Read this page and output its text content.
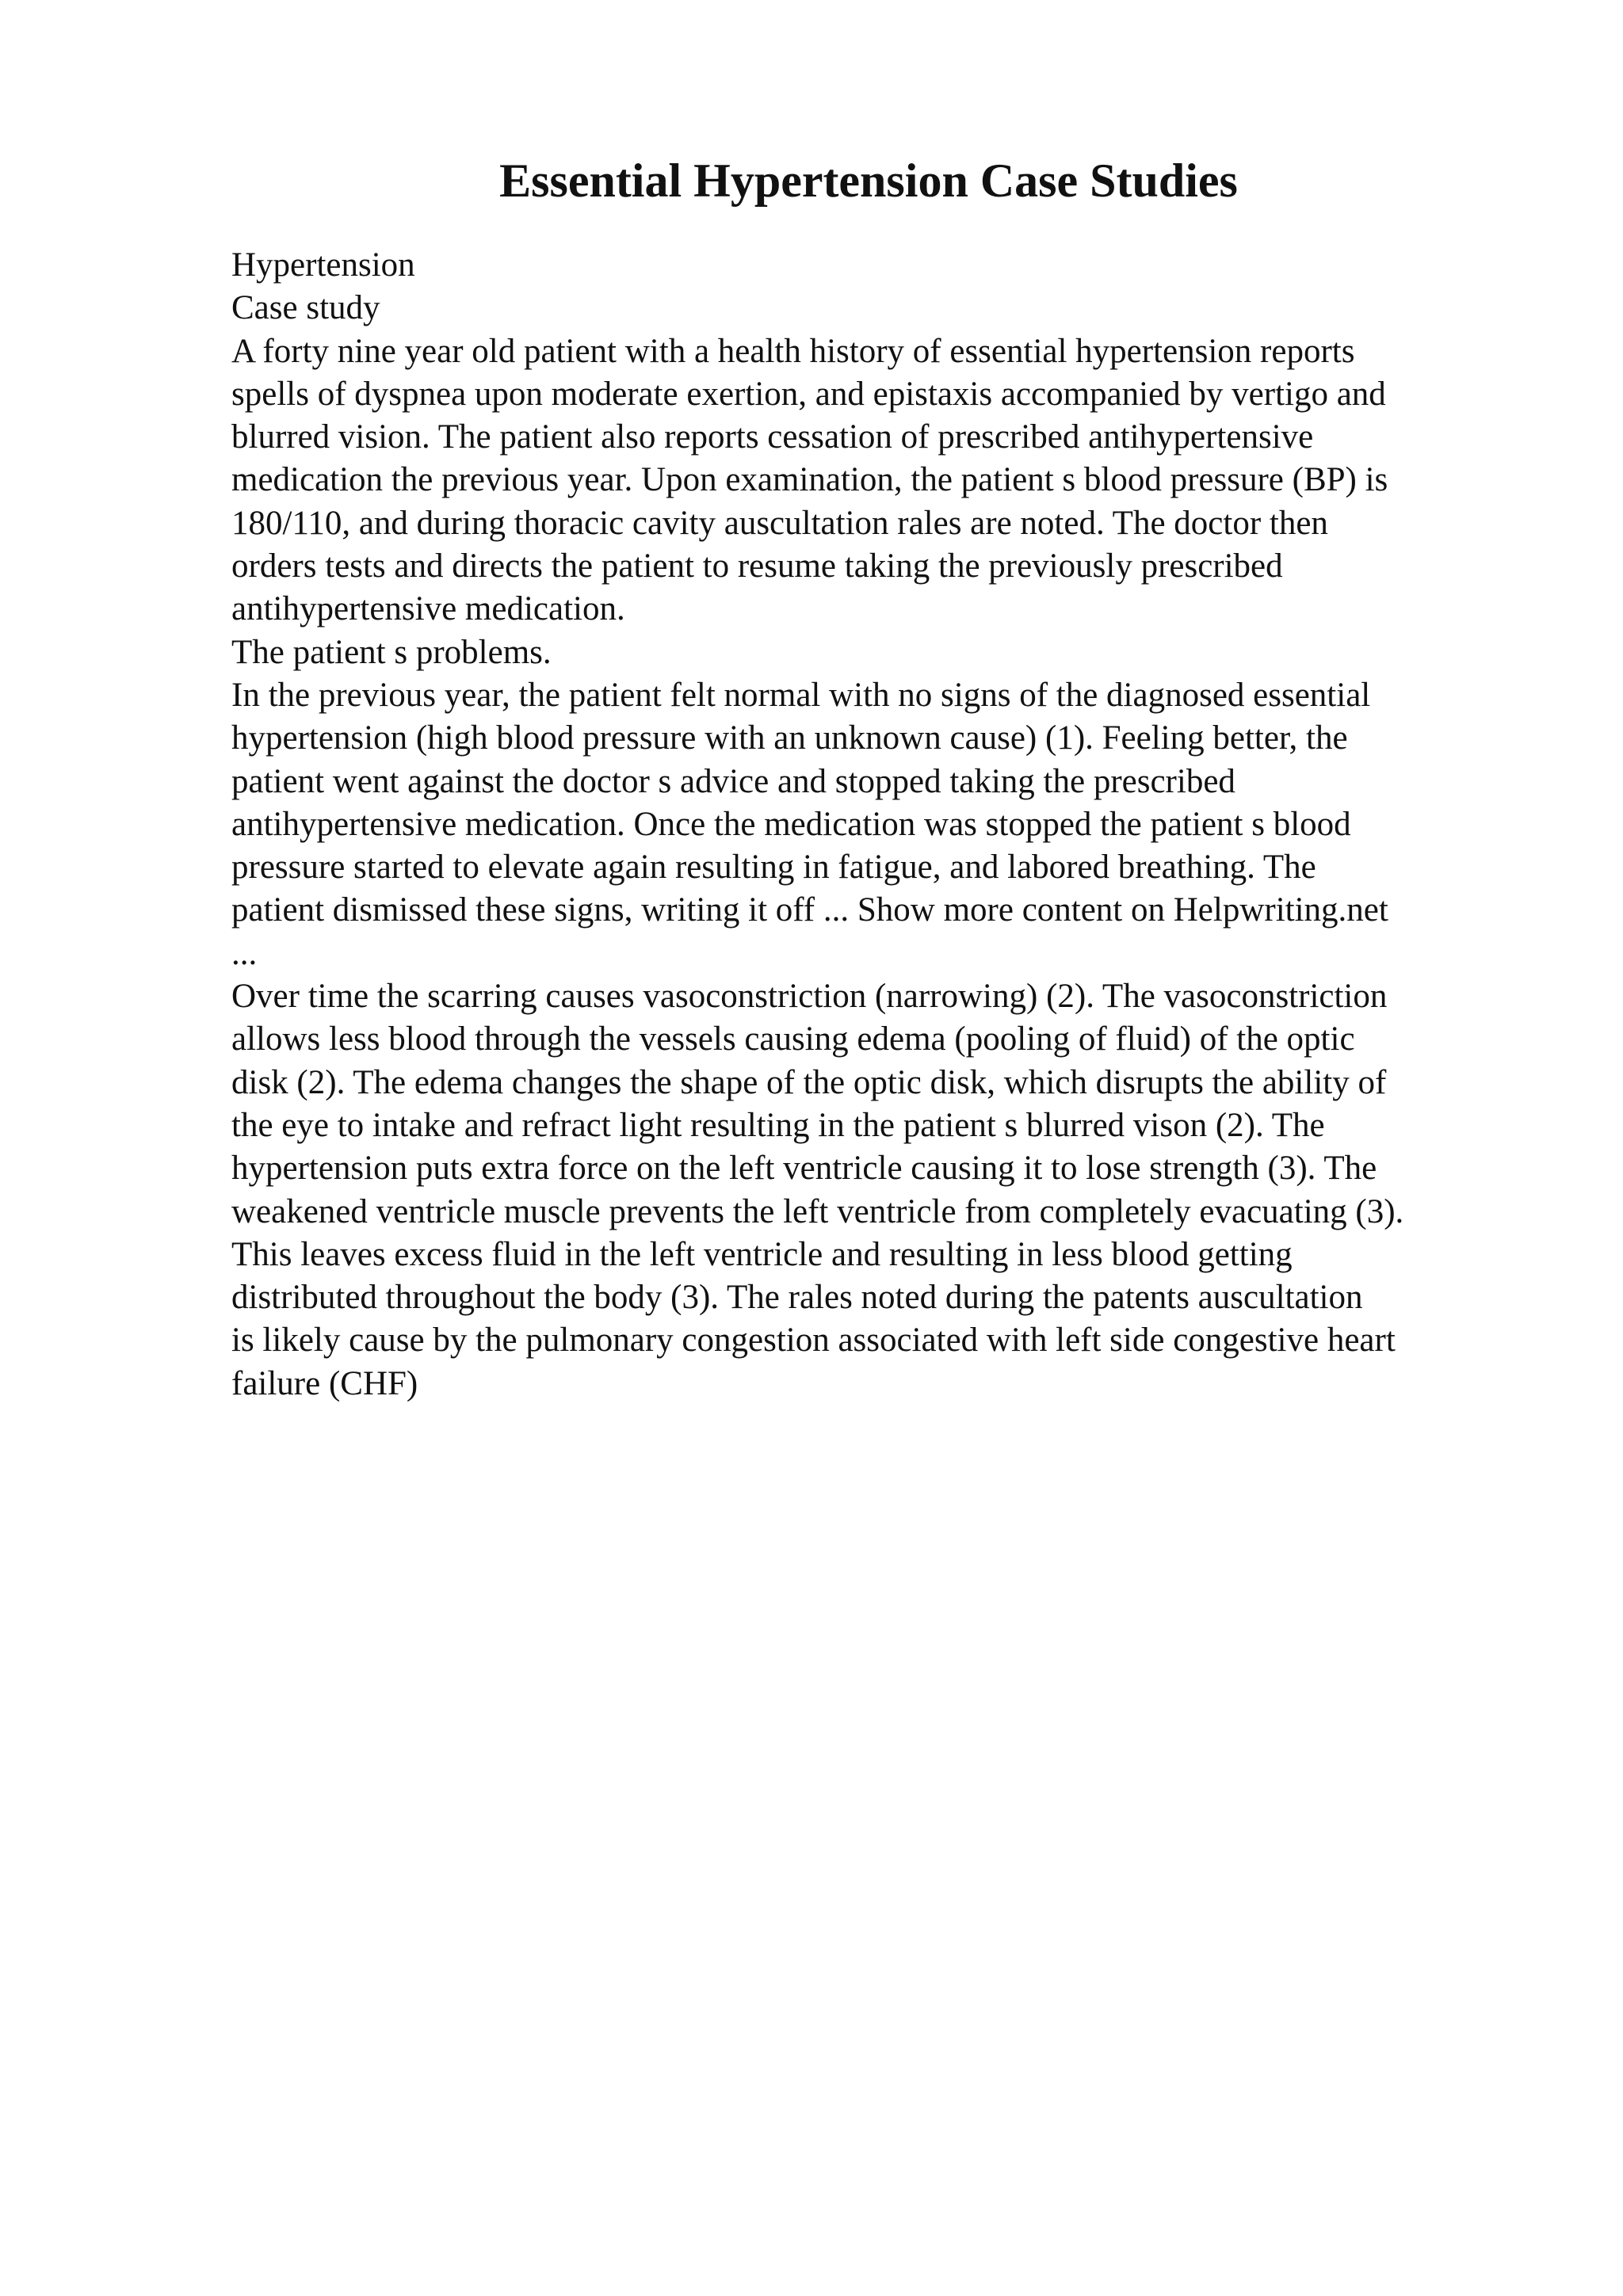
Essential Hypertension Case Studies
Hypertension
Case study
A forty nine year old patient with a health history of essential hypertension reports
spells of dyspnea upon moderate exertion, and epistaxis accompanied by vertigo and
blurred vision. The patient also reports cessation of prescribed antihypertensive
medication the previous year. Upon examination, the patient s blood pressure (BP) is
180/110, and during thoracic cavity auscultation rales are noted. The doctor then
orders tests and directs the patient to resume taking the previously prescribed
antihypertensive medication.
The patient s problems.
In the previous year, the patient felt normal with no signs of the diagnosed essential
hypertension (high blood pressure with an unknown cause) (1). Feeling better, the
patient went against the doctor s advice and stopped taking the prescribed
antihypertensive medication. Once the medication was stopped the patient s blood
pressure started to elevate again resulting in fatigue, and labored breathing. The
patient dismissed these signs, writing it off ... Show more content on Helpwriting.net
...
Over time the scarring causes vasoconstriction (narrowing) (2). The vasoconstriction
allows less blood through the vessels causing edema (pooling of fluid) of the optic
disk (2). The edema changes the shape of the optic disk, which disrupts the ability of
the eye to intake and refract light resulting in the patient s blurred vison (2). The
hypertension puts extra force on the left ventricle causing it to lose strength (3). The
weakened ventricle muscle prevents the left ventricle from completely evacuating (3).
This leaves excess fluid in the left ventricle and resulting in less blood getting
distributed throughout the body (3). The rales noted during the patents auscultation
is likely cause by the pulmonary congestion associated with left side congestive heart
failure (CHF)
